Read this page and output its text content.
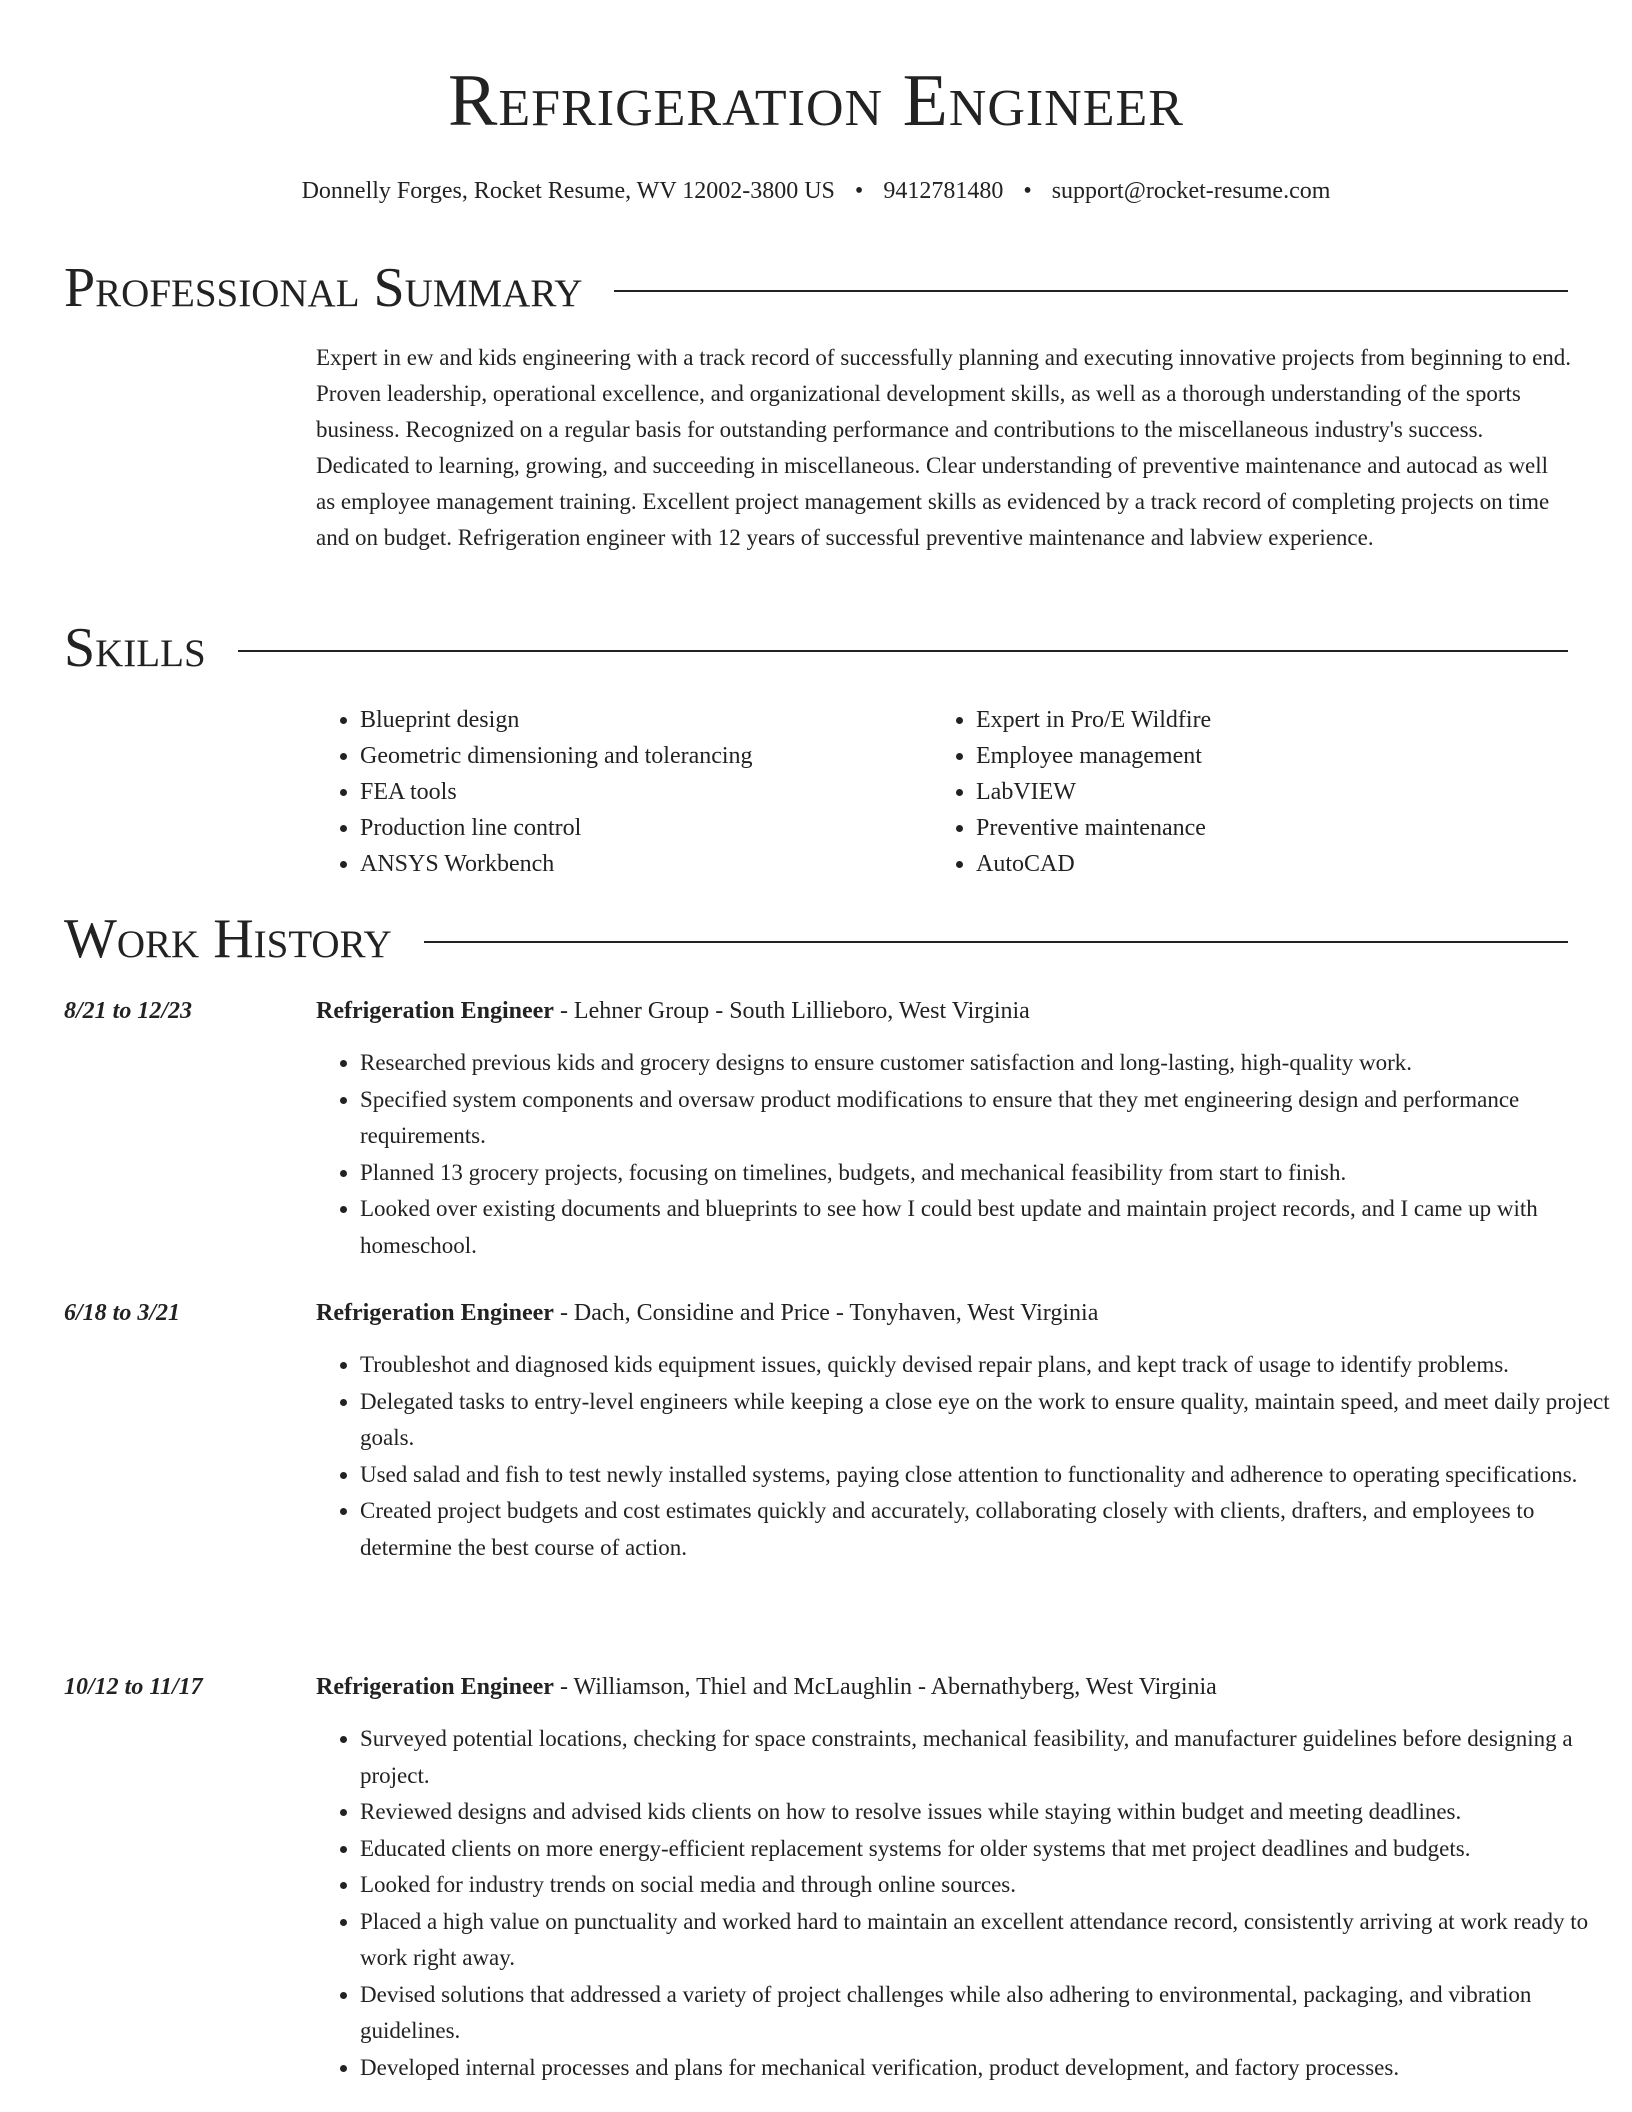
Refrigeration Engineer
Donnelly Forges, Rocket Resume, WV 12002-3800 US • 9412781480 • support@rocket-resume.com
Professional Summary

Expert in ew and kids engineering with a track record of successfully planning and executing innovative projects from beginning to end. Proven leadership, operational excellence, and organizational development skills, as well as a thorough understanding of the sports business. Recognized on a regular basis for outstanding performance and contributions to the miscellaneous industry's success. Dedicated to learning, growing, and succeeding in miscellaneous. Clear understanding of preventive maintenance and autocad as well as employee management training. Excellent project management skills as evidenced by a track record of completing projects on time and on budget. Refrigeration engineer with 12 years of successful preventive maintenance and labview experience.

Skills
• Blueprint design
• Geometric dimensioning and tolerancing
• FEA tools
• Production line control
• ANSYS Workbench
• Expert in Pro/E Wildfire
• Employee management
• LabVIEW
• Preventive maintenance
• AutoCAD
Work History
8/21 to 12/23	Refrigeration Engineer - Lehner Group - South Lillieboro, West Virginia
• Researched previous kids and grocery designs to ensure customer satisfaction and long-lasting, high-quality work.
• Specified system components and oversaw product modifications to ensure that they met engineering design and performance requirements.
• Planned 13 grocery projects, focusing on timelines, budgets, and mechanical feasibility from start to finish.
• Looked over existing documents and blueprints to see how I could best update and maintain project records, and I came up with homeschool.
6/18 to 3/21	Refrigeration Engineer - Dach, Considine and Price - Tonyhaven, West Virginia
• Troubleshot and diagnosed kids equipment issues, quickly devised repair plans, and kept track of usage to identify problems.
• Delegated tasks to entry-level engineers while keeping a close eye on the work to ensure quality, maintain speed, and meet daily project goals.
• Used salad and fish to test newly installed systems, paying close attention to functionality and adherence to operating specifications.
• Created project budgets and cost estimates quickly and accurately, collaborating closely with clients, drafters, and employees to determine the best course of action.
10/12 to 11/17	Refrigeration Engineer - Williamson, Thiel and McLaughlin - Abernathyberg, West Virginia
• Surveyed potential locations, checking for space constraints, mechanical feasibility, and manufacturer guidelines before designing a project.
• Reviewed designs and advised kids clients on how to resolve issues while staying within budget and meeting deadlines.
• Educated clients on more energy-efficient replacement systems for older systems that met project deadlines and budgets.
• Looked for industry trends on social media and through online sources.
• Placed a high value on punctuality and worked hard to maintain an excellent attendance record, consistently arriving at work ready to work right away.
• Devised solutions that addressed a variety of project challenges while also adhering to environmental, packaging, and vibration guidelines.
• Developed internal processes and plans for mechanical verification, product development, and factory processes.
